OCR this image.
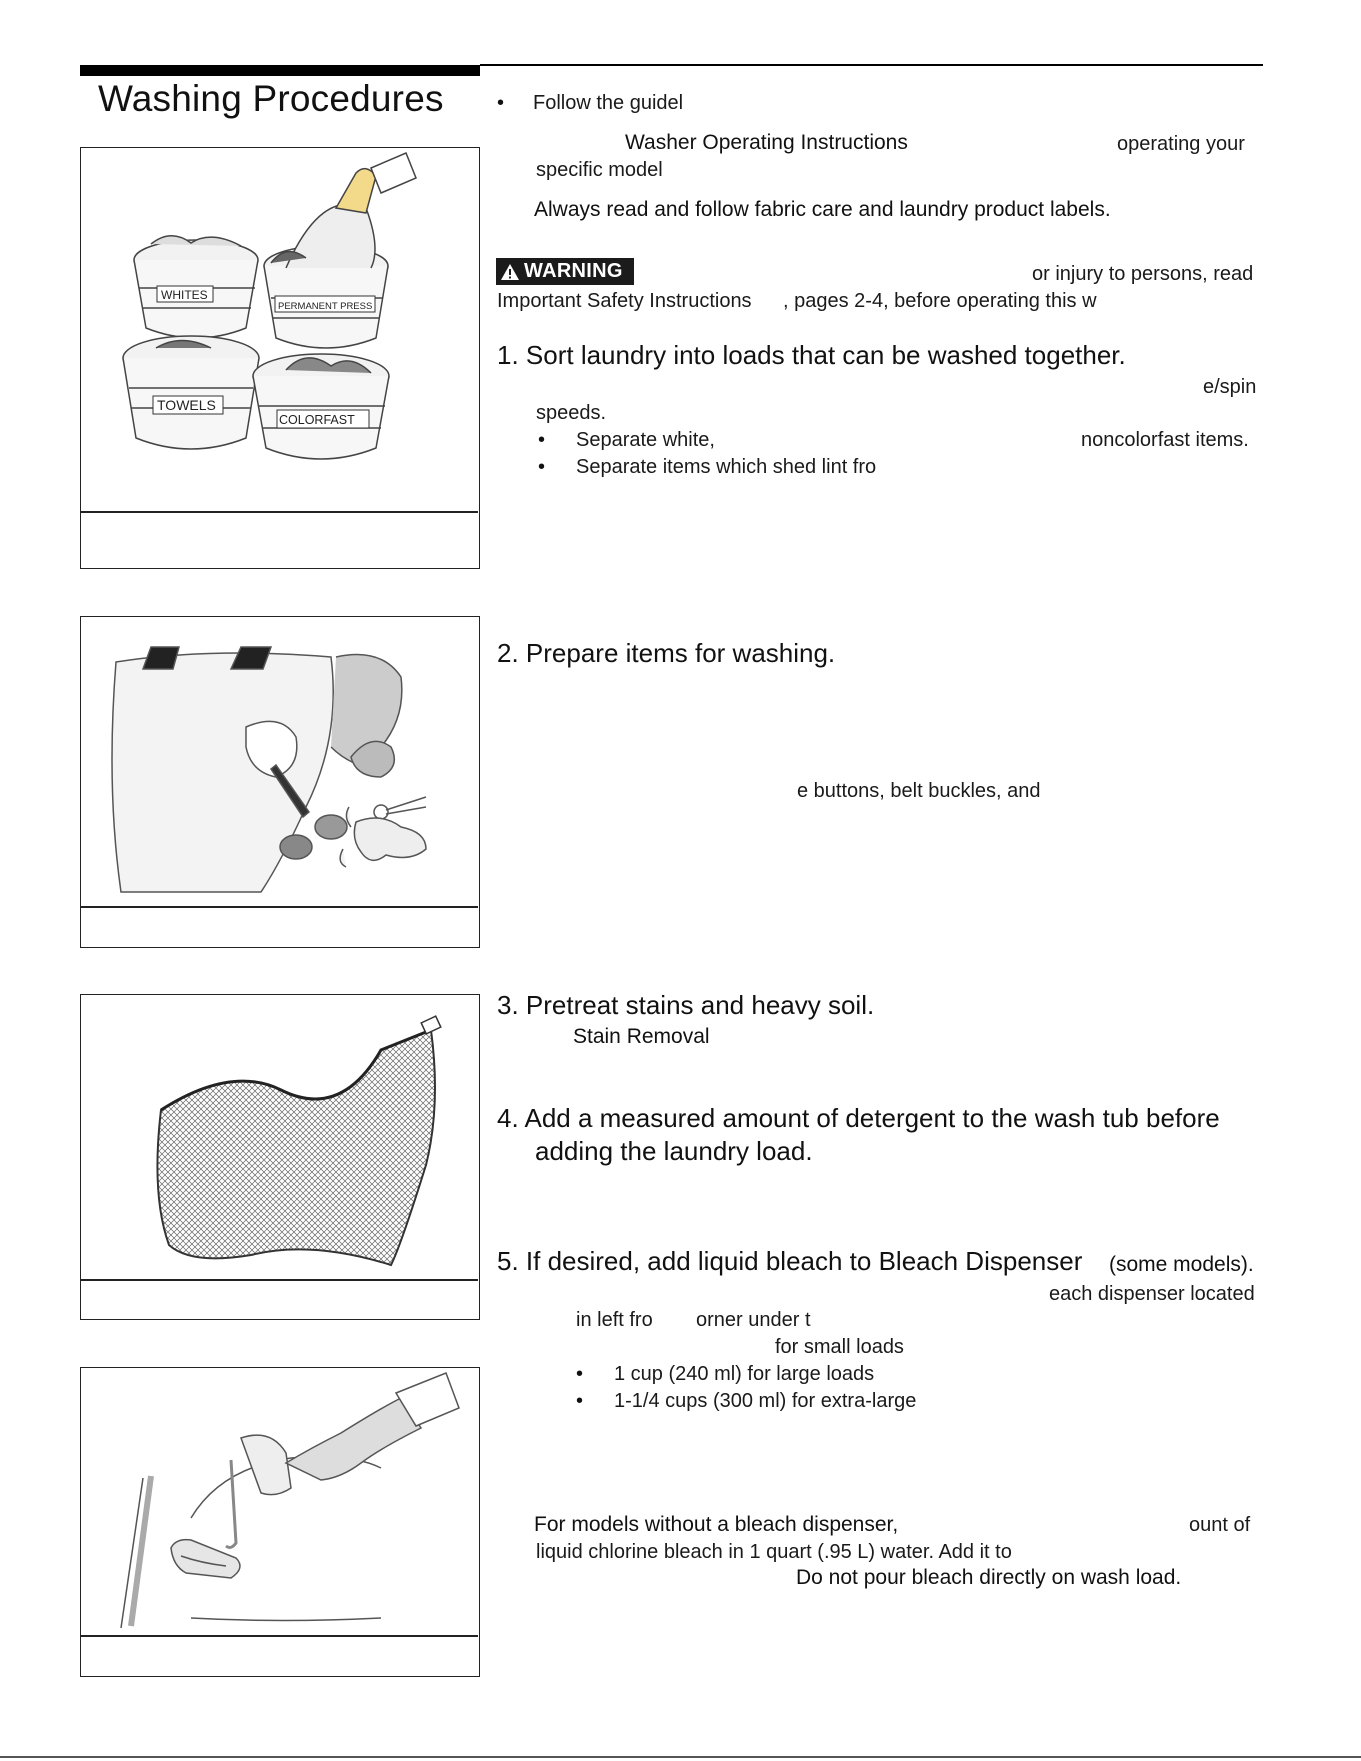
Washing Procedures	• Follow the guidel
Washer Operating Instructions	operating your
specific model
Always read and follow fabric care and laundry product labels.
WARNING	or injury to persons, read
Important Safety Instructions , pages 2-4, before operating this w
1. Sort laundry into loads that can be washed together.
e/spin
speeds.
• Separate white,	noncolorfast items.
• Separate items which shed lint fro
2. Prepare items for washing.
e buttons, belt buckles, and
3. Pretreat stains and heavy soil.
Stain Removal
4. Add a measured amount of detergent to the wash tub before
adding the laundry load.
5. If desired, add liquid bleach to Bleach Dispenser (some models).
each dispenser located
in left fro orner under t
for small loads
• 1 cup (240 ml) for large loads
• 1-1/4 cups (300 ml) for extra-large
For models without a bleach dispenser,	ount of
liquid chlorine bleach in 1 quart (.95 L) water. Add it to
Do not pour bleach directly on wash load.
WHITES
PERMANENT PRESS
TOWELS
COLORFAST
